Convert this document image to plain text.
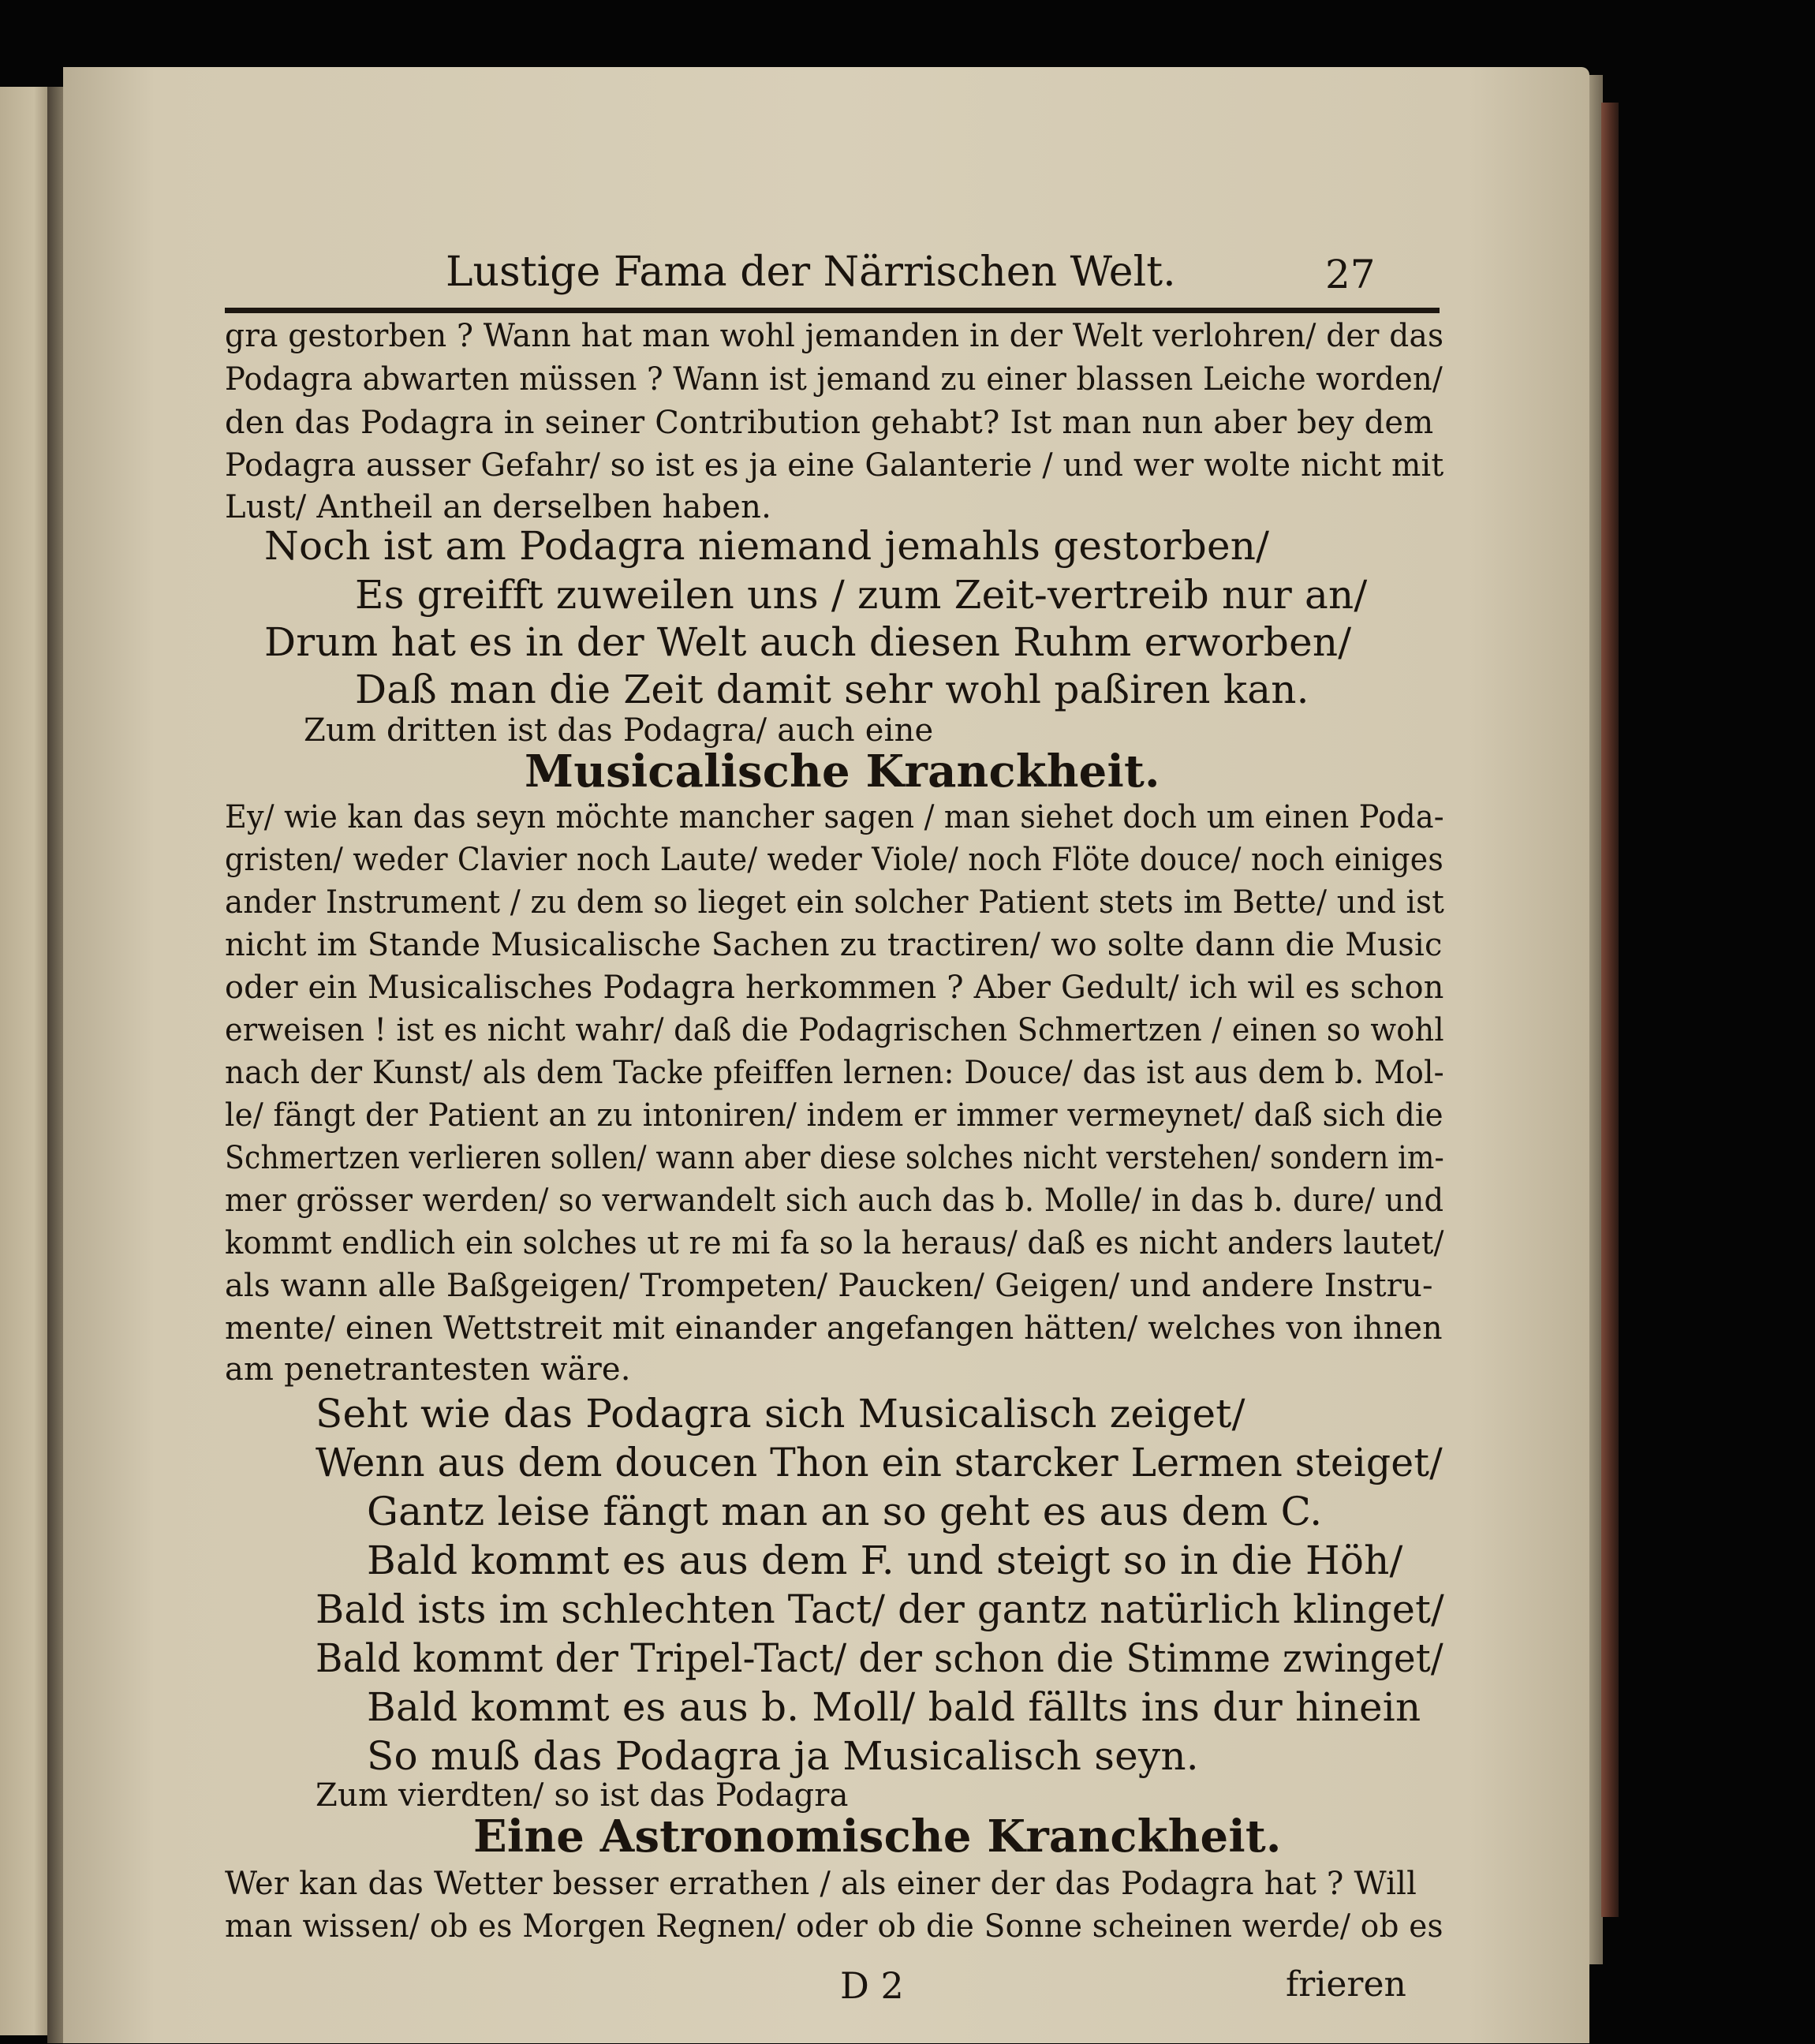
Lustige Fama der Närrischen Welt.	27
gra gestorben ? Wann hat man wohl jemanden in der Welt verlohren/ der das
Podagra abwarten müssen ? Wann ist jemand zu einer blassen Leiche worden/
den das Podagra in seiner Contribution gehabt? Ist man nun aber bey dem
Podagra ausser Gefahr/ so ist es ja eine Galanterie / und wer wolte nicht mit
Lust/ Antheil an derselben haben.
Noch ist am Podagra niemand jemahls gestorben/
Es greifft zuweilen uns / zum Zeit-vertreib nur an/
Drum hat es in der Welt auch diesen Ruhm erworben/
Daß man die Zeit damit sehr wohl paßiren kan.
Zum dritten ist das Podagra/ auch eine
Musicalische Kranckheit.
Ey/ wie kan das seyn möchte mancher sagen / man siehet doch um einen Poda-
gristen/ weder Clavier noch Laute/ weder Viole/ noch Flöte douce/ noch einiges
ander Instrument / zu dem so lieget ein solcher Patient stets im Bette/ und ist
nicht im Stande Musicalische Sachen zu tractiren/ wo solte dann die Music
oder ein Musicalisches Podagra herkommen ? Aber Gedult/ ich wil es schon
erweisen ! ist es nicht wahr/ daß die Podagrischen Schmertzen / einen so wohl
nach der Kunst/ als dem Tacke pfeiffen lernen: Douce/ das ist aus dem b. Mol-
le/ fängt der Patient an zu intoniren/ indem er immer vermeynet/ daß sich die
Schmertzen verlieren sollen/ wann aber diese solches nicht verstehen/ sondern im-
mer grösser werden/ so verwandelt sich auch das b. Molle/ in das b. dure/ und
kommt endlich ein solches ut re mi fa so la heraus/ daß es nicht anders lautet/
als wann alle Baßgeigen/ Trompeten/ Paucken/ Geigen/ und andere Instru-
mente/ einen Wettstreit mit einander angefangen hätten/ welches von ihnen
am penetrantesten wäre.
Seht wie das Podagra sich Musicalisch zeiget/
Wenn aus dem doucen Thon ein starcker Lermen steiget/
Gantz leise fängt man an so geht es aus dem C.
Bald kommt es aus dem F. und steigt so in die Höh/
Bald ists im schlechten Tact/ der gantz natürlich klinget/
Bald kommt der Tripel-Tact/ der schon die Stimme zwinget/
Bald kommt es aus b. Moll/ bald fällts ins dur hinein
So muß das Podagra ja Musicalisch seyn.
Zum vierdten/ so ist das Podagra
Eine Astronomische Kranckheit.
Wer kan das Wetter besser errathen / als einer der das Podagra hat ? Will
man wissen/ ob es Morgen Regnen/ oder ob die Sonne scheinen werde/ ob es
D 2	frieren
